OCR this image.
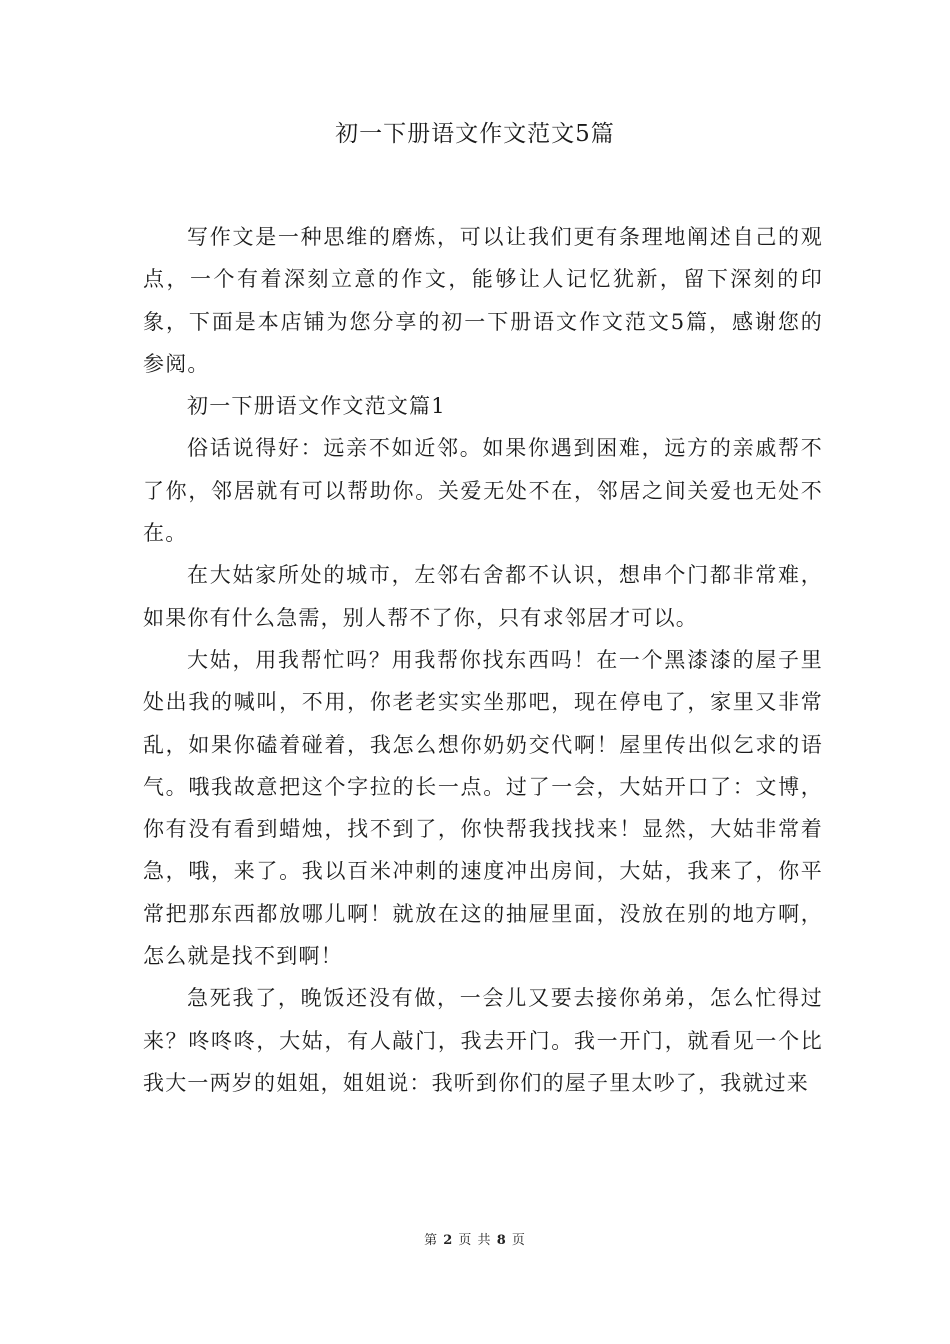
初一下册语文作文范文5篇

写作文是一种思维的磨炼，可以让我们更有条理地阐述自己的观点，一个有着深刻立意的作文，能够让人记忆犹新，留下深刻的印象，下面是本店铺为您分享的初一下册语文作文范文5篇，感谢您的参阅。

初一下册语文作文范文篇1

俗话说得好：远亲不如近邻。如果你遇到困难，远方的亲戚帮不了你，邻居就有可以帮助你。关爱无处不在，邻居之间关爱也无处不在。

在大姑家所处的城市，左邻右舍都不认识，想串个门都非常难，如果你有什么急需，别人帮不了你，只有求邻居才可以。

大姑，用我帮忙吗？用我帮你找东西吗！在一个黑漆漆的屋子里处出我的喊叫，不用，你老老实实坐那吧，现在停电了，家里又非常乱，如果你磕着碰着，我怎么想你奶奶交代啊！屋里传出似乞求的语气。哦我故意把这个字拉的长一点。过了一会，大姑开口了：文博，你有没有看到蜡烛，找不到了，你快帮我找找来！显然，大姑非常着急，哦，来了。我以百米冲刺的速度冲出房间，大姑，我来了，你平常把那东西都放哪儿啊！就放在这的抽屉里面，没放在别的地方啊，怎么就是找不到啊！

急死我了，晚饭还没有做，一会儿又要去接你弟弟，怎么忙得过来？咚咚咚，大姑，有人敲门，我去开门。我一开门，就看见一个比我大一两岁的姐姐，姐姐说：我听到你们的屋子里太吵了，我就过来

第 2 页 共 8 页
